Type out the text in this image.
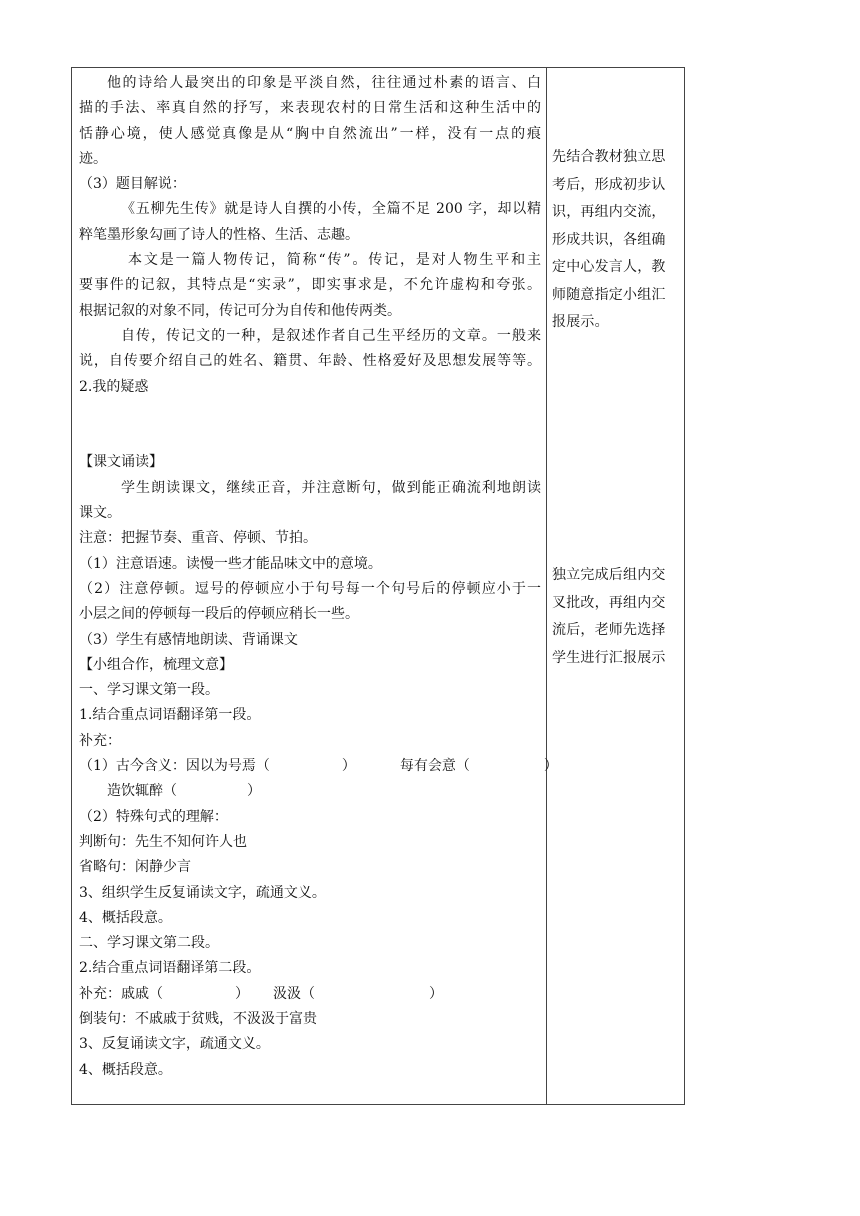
他的诗给人最突出的印象是平淡自然，往往通过朴素的语言、白
描的手法、率真自然的抒写，来表现农村的日常生活和这种生活中的
恬静心境，使人感觉真像是从“胸中自然流出”一样，没有一点的痕
迹。
（3）题目解说：
《五柳先生传》就是诗人自撰的小传，全篇不足 200 字，却以精
粹笔墨形象勾画了诗人的性格、生活、志趣。
本文是一篇人物传记，简称“传”。传记，是对人物生平和主
要事件的记叙，其特点是“实录”，即实事求是，不允许虚构和夸张。
根据记叙的对象不同，传记可分为自传和他传两类。
自传，传记文的一种，是叙述作者自己生平经历的文章。一般来
说，自传要介绍自己的姓名、籍贯、年龄、性格爱好及思想发展等等。
2.我的疑惑
【课文诵读】
学生朗读课文，继续正音，并注意断句，做到能正确流利地朗读
课文。
注意：把握节奏、重音、停顿、节拍。
（1）注意语速。读慢一些才能品味文中的意境。
（2）注意停顿。逗号的停顿应小于句号每一个句号后的停顿应小于一
小层之间的停顿每一段后的停顿应稍长一些。
（3）学生有感情地朗读、背诵课文
【小组合作，梳理文意】
一、学习课文第一段。
1.结合重点词语翻译第一段。
补充：
（1）古今含义：因以为号焉（	）	每有会意（	）
造饮辄醉（	）
（2）特殊句式的理解：
判断句：先生不知何许人也
省略句：闲静少言
3、组织学生反复诵读文字，疏通文义。
4、概括段意。
二、学习课文第二段。
2.结合重点词语翻译第二段。
补充：戚戚（	） 汲汲（	）
倒装句：不戚戚于贫贱，不汲汲于富贵
3、反复诵读文字，疏通文义。
4、概括段意。
先结合教材独立思
考后，形成初步认
识，再组内交流，
形成共识，各组确
定中心发言人，教
师随意指定小组汇
报展示。
独立完成后组内交
叉批改，再组内交
流后，老师先选择
学生进行汇报展示
